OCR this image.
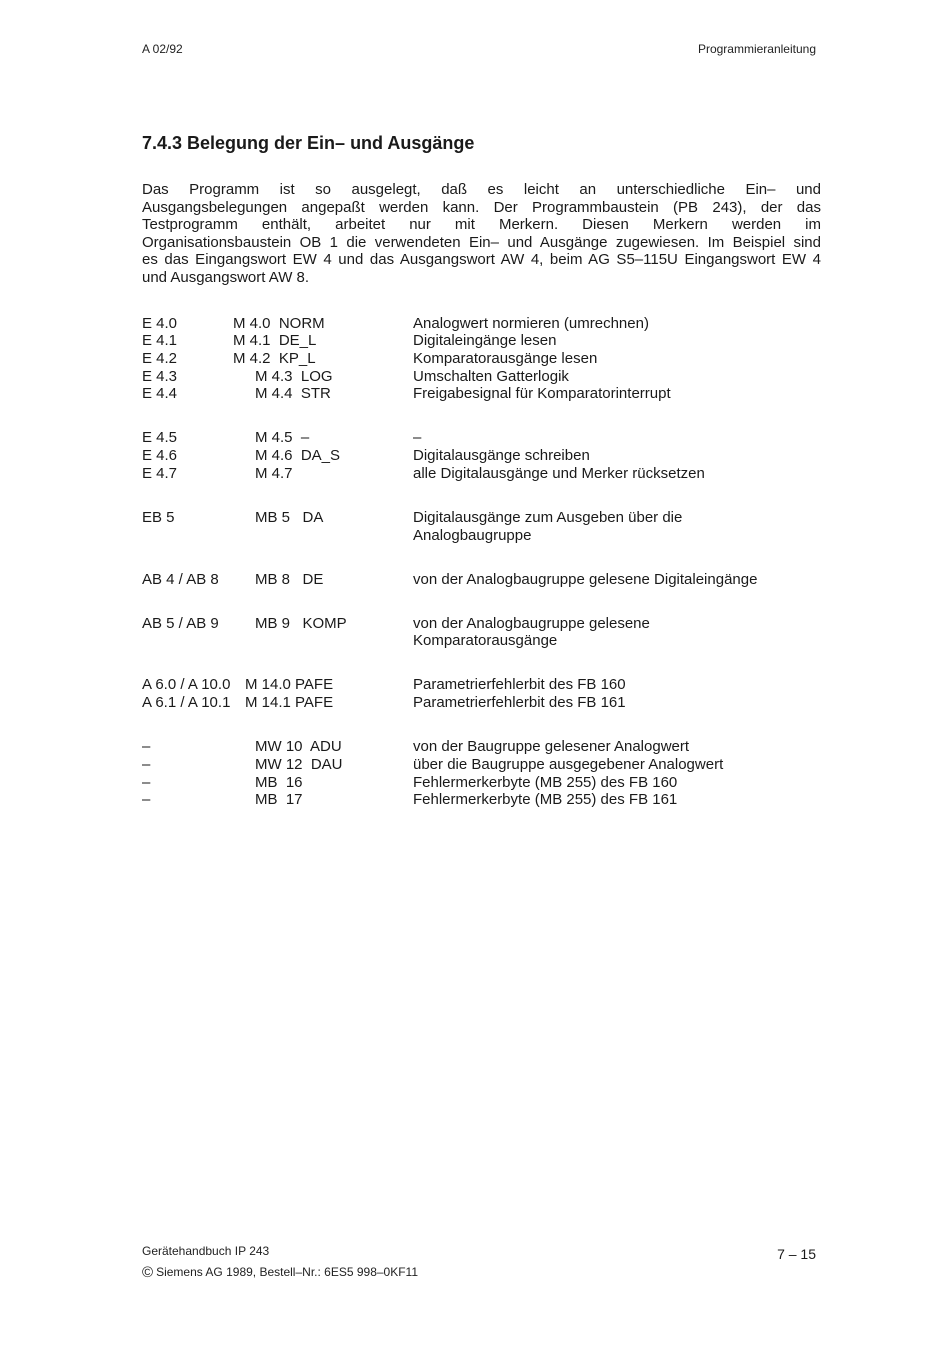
A 02/92	Programmieranleitung
7.4.3 Belegung der Ein– und Ausgänge

Das Programm ist so ausgelegt, daß es leicht an unterschiedliche Ein– und
Ausgangsbelegungen angepaßt werden kann. Der Programmbaustein (PB 243), der das
Testprogramm enthält, arbeitet nur mit Merkern. Diesen Merkern werden im
Organisationsbaustein OB 1 die verwendeten Ein– und Ausgänge zugewiesen. Im Beispiel sind
es das Eingangswort EW 4 und das Ausgangswort AW 4, beim AG S5–115U Eingangswort EW 4
und Ausgangswort AW 8.

E 4.0	M 4.0  NORM	Analogwert normieren (umrechnen)
E 4.1	M 4.1  DE_L	Digitaleingänge lesen
E 4.2	M 4.2  KP_L	Komparatorausgänge lesen
E 4.3	M 4.3  LOG	Umschalten Gatterlogik
E 4.4	M 4.4  STR	Freigabesignal für Komparatorinterrupt
E 4.5	M 4.5  –	–
E 4.6	M 4.6  DA_S	Digitalausgänge schreiben
E 4.7	M 4.7	alle Digitalausgänge und Merker rücksetzen
EB 5	MB 5   DA	Digitalausgänge zum Ausgeben über die
Analogbaugruppe
AB 4 / AB 8 MB 8   DE	von der Analogbaugruppe gelesene Digitaleingänge
AB 5 / AB 9 MB 9   KOMP	von der Analogbaugruppe gelesene
Komparatorausgänge
A 6.0 / A 10.0 M 14.0 PAFE	Parametrierfehlerbit des FB 160
A 6.1 / A 10.1 M 14.1 PAFE	Parametrierfehlerbit des FB 161
–	MW 10  ADU	von der Baugruppe gelesener Analogwert
–	MW 12  DAU	über die Baugruppe ausgegebener Analogwert
–	MB  16	Fehlermerkerbyte (MB 255) des FB 160
–	MB  17	Fehlermerkerbyte (MB 255) des FB 161
Gerätehandbuch IP 243
© Siemens AG 1989, Bestell–Nr.: 6ES5 998–0KF11
7 – 15
